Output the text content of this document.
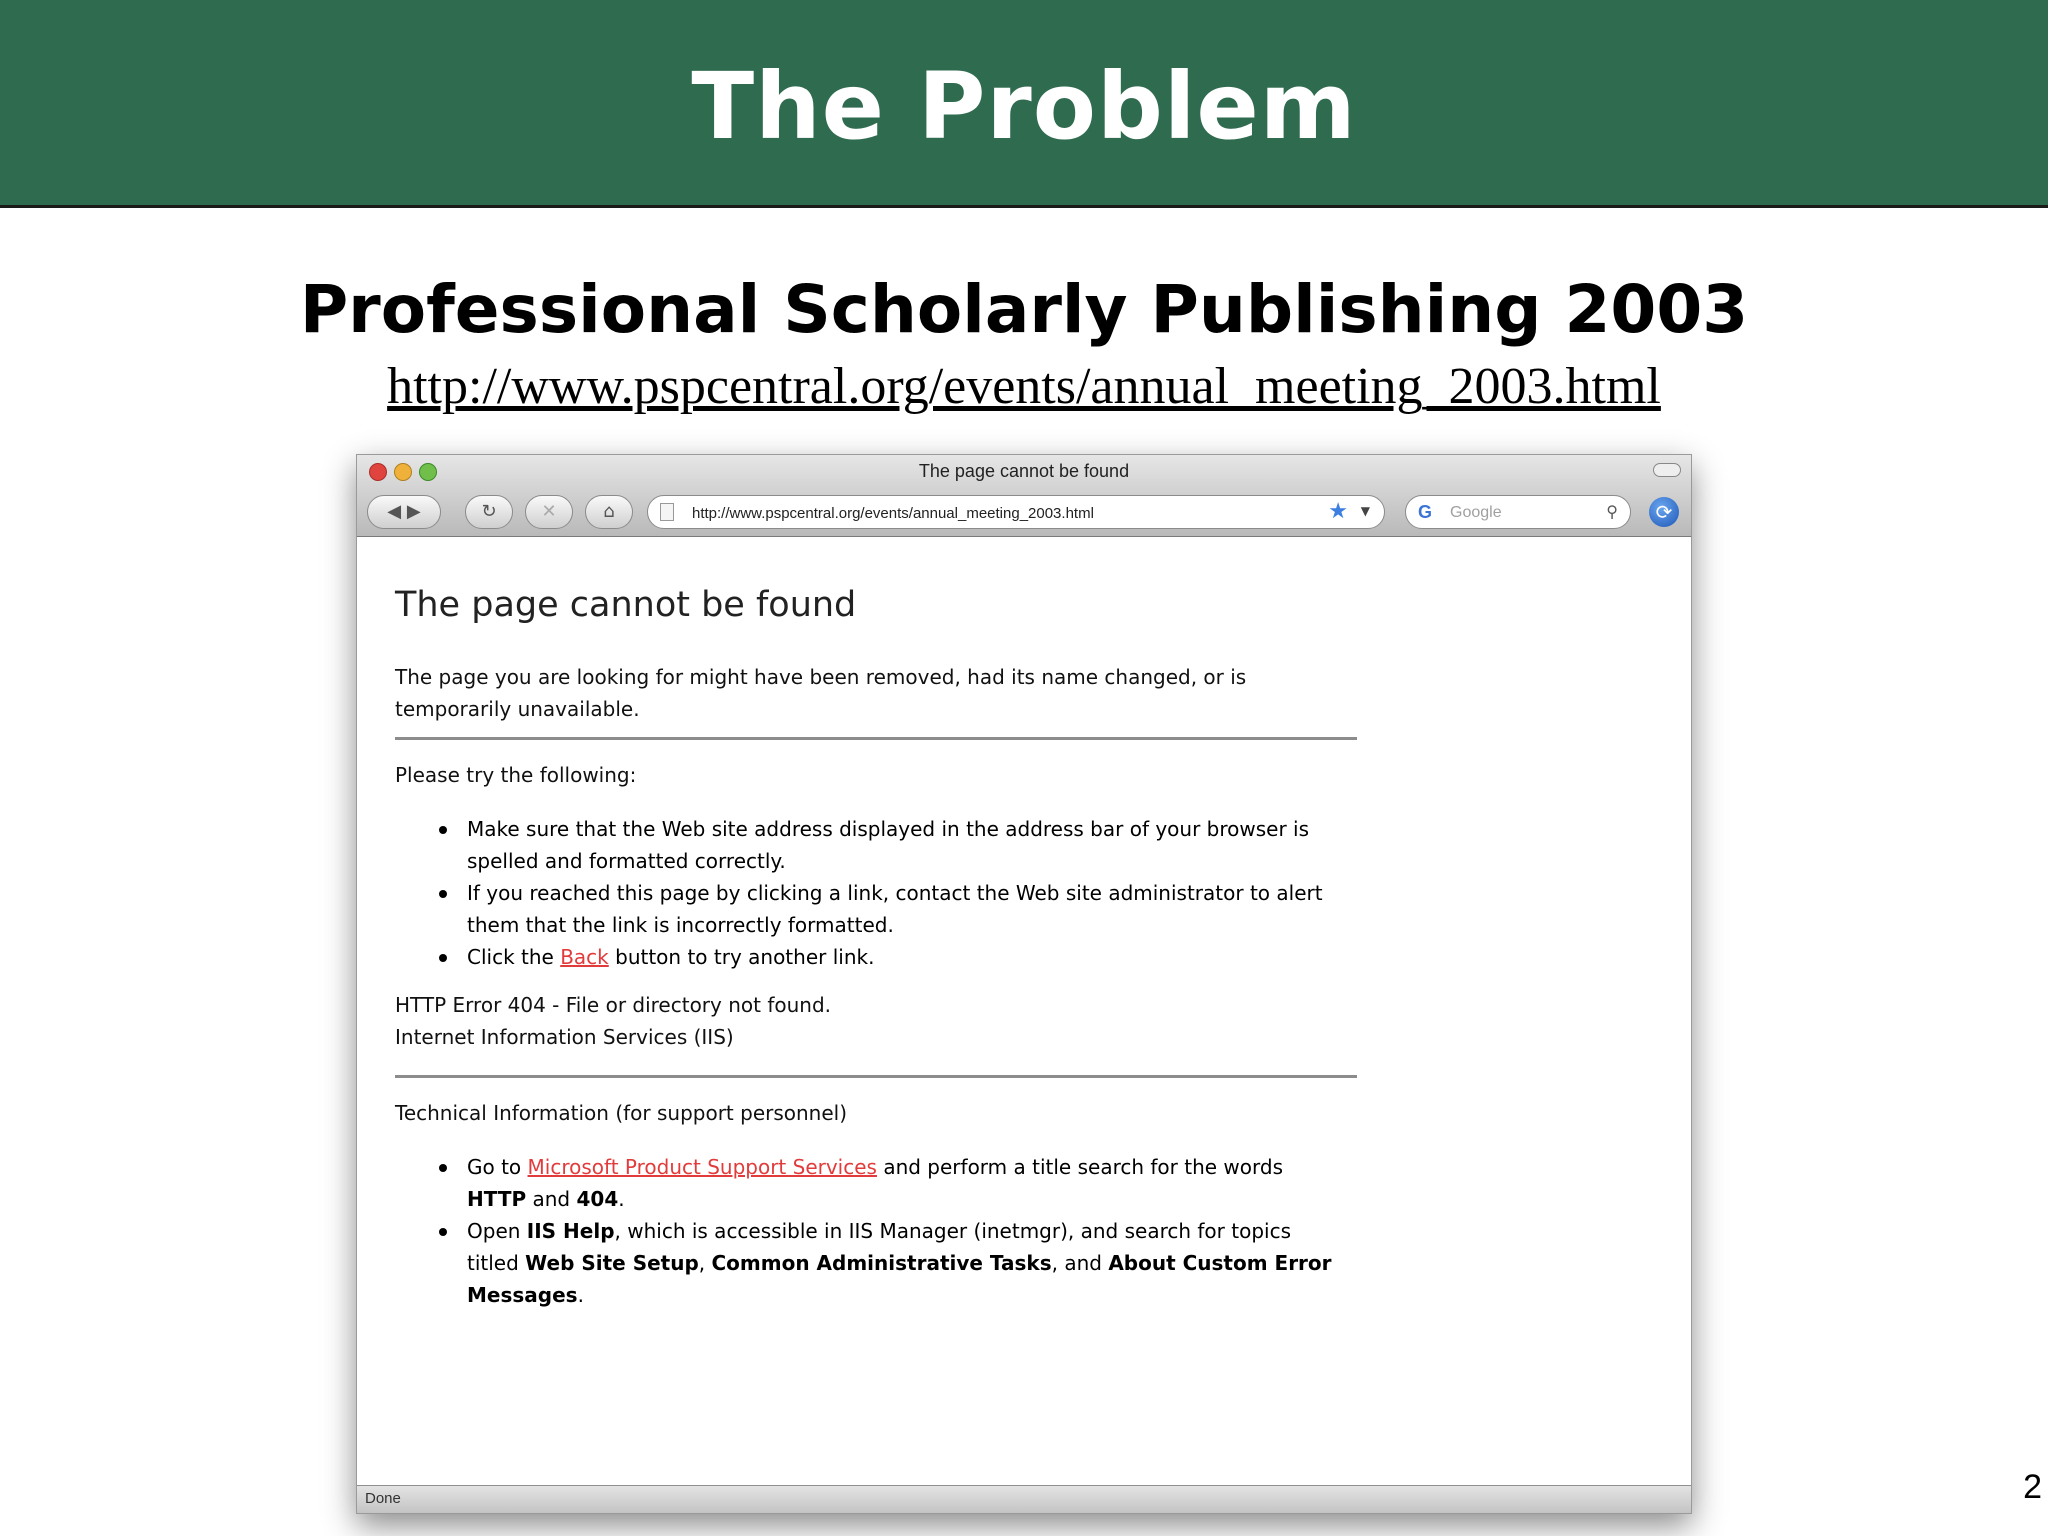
The Problem
Professional Scholarly Publishing 2003
http://www.pspcentral.org/events/annual_meeting_2003.html
The page cannot be found
◀ ▶	↻	✕	⌂
http://www.pspcentral.org/events/annual_meeting_2003.html	★ ▼	G
Google	⚲	⟳
The page cannot be found
The page you are looking for might have been removed, had its name changed, or is temporarily unavailable.
Please try the following:
Make sure that the Web site address displayed in the address bar of your browser is spelled and formatted correctly.
If you reached this page by clicking a link, contact the Web site administrator to alert them that the link is incorrectly formatted.
Click the Back button to try another link.
HTTP Error 404 - File or directory not found.
Internet Information Services (IIS)
Technical Information (for support personnel)
Go to Microsoft Product Support Services and perform a title search for the words HTTP and 404.
Open IIS Help, which is accessible in IIS Manager (inetmgr), and search for topics titled Web Site Setup, Common Administrative Tasks, and About Custom Error Messages.
Done	2
